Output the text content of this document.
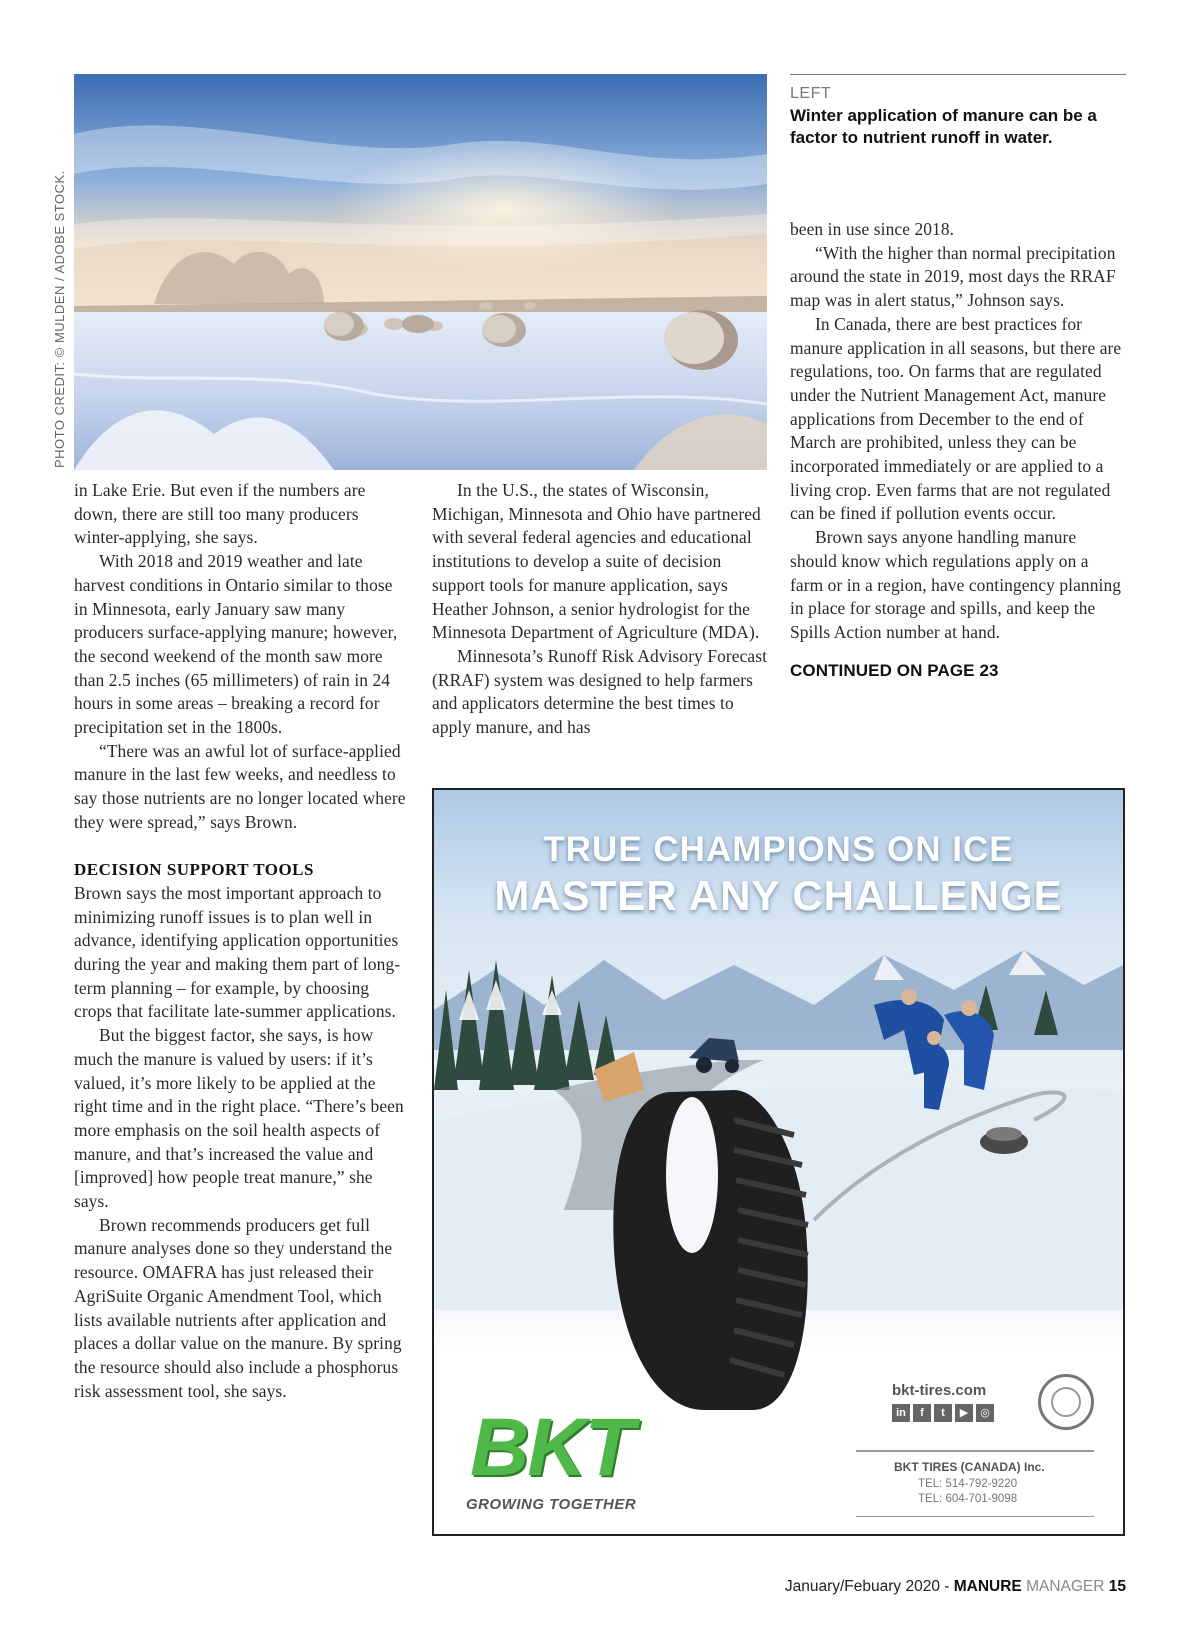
PHOTO CREDIT: © MULDEN / ADOBE STOCK.
LEFT
Winter application of manure can be a factor to nutrient runoff in water.

in Lake Erie. But even if the numbers are down, there are still too many producers winter-applying, she says.

With 2018 and 2019 weather and late harvest conditions in Ontario similar to those in Minnesota, early January saw many producers surface-applying manure; however, the second weekend of the month saw more than 2.5 inches (65 millimeters) of rain in 24 hours in some areas – breaking a record for precipitation set in the 1800s.

“There was an awful lot of surface-applied manure in the last few weeks, and needless to say those nutrients are no longer located where they were spread,” says Brown.

DECISION SUPPORT TOOLS

Brown says the most important approach to minimizing runoff issues is to plan well in advance, identifying application opportunities during the year and making them part of long-term planning – for example, by choosing crops that facilitate late-summer applications.

But the biggest factor, she says, is how much the manure is valued by users: if it’s valued, it’s more likely to be applied at the right time and in the right place. “There’s been more emphasis on the soil health aspects of manure, and that’s increased the value and [improved] how people treat manure,” she says.

Brown recommends producers get full manure analyses done so they understand the resource. OMAFRA has just released their AgriSuite Organic Amendment Tool, which lists available nutrients after application and places a dollar value on the manure. By spring the resource should also include a phosphorus risk assessment tool, she says.

In the U.S., the states of Wisconsin, Michigan, Minnesota and Ohio have partnered with several federal agencies and educational institutions to develop a suite of decision support tools for manure application, says Heather Johnson, a senior hydrologist for the Minnesota Department of Agriculture (MDA).

Minnesota’s Runoff Risk Advisory Forecast (RRAF) system was designed to help farmers and applicators determine the best times to apply manure, and has

been in use since 2018.

“With the higher than normal precipitation around the state in 2019, most days the RRAF map was in alert status,” Johnson says.

In Canada, there are best practices for manure application in all seasons, but there are regulations, too. On farms that are regulated under the Nutrient Management Act, manure applications from December to the end of March are prohibited, unless they can be incorporated immediately or are applied to a living crop. Even farms that are not regulated can be fined if pollution events occur.

Brown says anyone handling manure should know which regulations apply on a farm or in a region, have contingency planning in place for storage and spills, and keep the Spills Action number at hand.

CONTINUED ON PAGE 23
TRUE CHAMPIONS ON ICE
MASTER ANY CHALLENGE
BKT
GROWING TOGETHER
bkt-tires.com
in	f	t	▶	◎
BKT TIRES (CANADA) Inc.
TEL: 514-792-9220
TEL: 604-701-9098
January/Febuary 2020 - MANURE MANAGER 15
